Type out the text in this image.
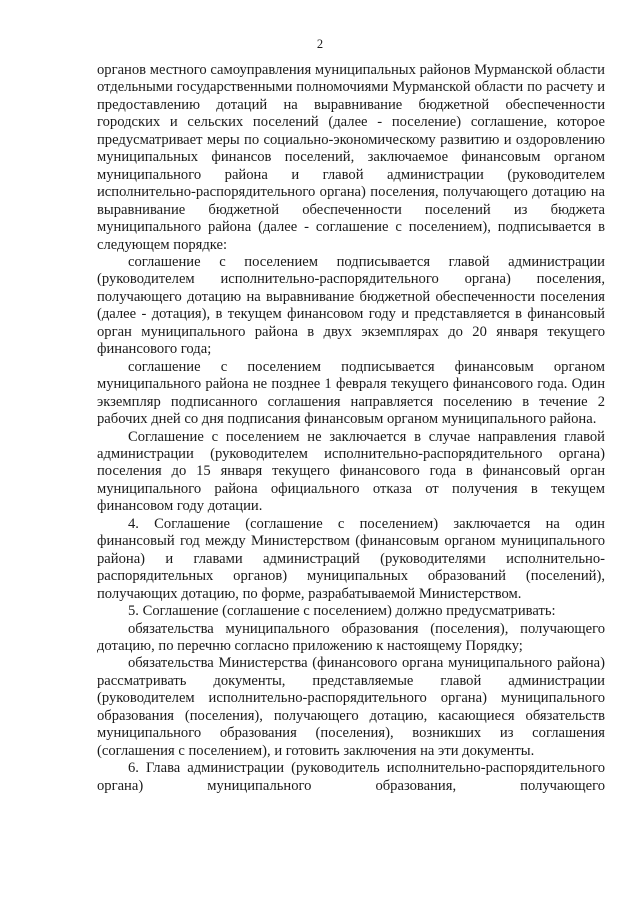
2

органов местного самоуправления муниципальных районов Мурманской области отдельными государственными полномочиями Мурманской области по расчету и предоставлению дотаций на выравнивание бюджетной обеспеченности городских и сельских поселений (далее - поселение) соглашение, которое предусматривает меры по социально-экономическому развитию и оздоровлению муниципальных финансов поселений, заключаемое финансовым органом муниципального района и главой администрации (руководителем исполнительно-распорядительного органа) поселения, получающего дотацию на выравнивание бюджетной обеспеченности поселений из бюджета муниципального района (далее - соглашение с поселением), подписывается в следующем порядке:

соглашение с поселением подписывается главой администрации (руководителем исполнительно-распорядительного органа) поселения, получающего дотацию на выравнивание бюджетной обеспеченности поселения (далее - дотация), в текущем финансовом году и представляется в финансовый орган муниципального района в двух экземплярах до 20 января текущего финансового года;

соглашение с поселением подписывается финансовым органом муниципального района не позднее 1 февраля текущего финансового года. Один экземпляр подписанного соглашения направляется поселению в течение 2 рабочих дней со дня подписания финансовым органом муниципального района.

Соглашение с поселением не заключается в случае направления главой администрации (руководителем исполнительно-распорядительного органа) поселения до 15 января текущего финансового года в финансовый орган муниципального района официального отказа от получения в текущем финансовом году дотации.

4. Соглашение (соглашение с поселением) заключается на один финансовый год между Министерством (финансовым органом муниципального района) и главами администраций (руководителями исполнительно-распорядительных органов) муниципальных образований (поселений), получающих дотацию, по форме, разрабатываемой Министерством.

5. Соглашение (соглашение с поселением) должно предусматривать:

обязательства муниципального образования (поселения), получающего дотацию, по перечню согласно приложению к настоящему Порядку;

обязательства Министерства (финансового органа муниципального района) рассматривать документы, представляемые главой администрации (руководителем исполнительно-распорядительного органа) муниципального образования (поселения), получающего дотацию, касающиеся обязательств муниципального образования (поселения), возникших из соглашения (соглашения с поселением), и готовить заключения на эти документы.

6. Глава администрации (руководитель исполнительно-распорядительного органа) муниципального образования, получающего
